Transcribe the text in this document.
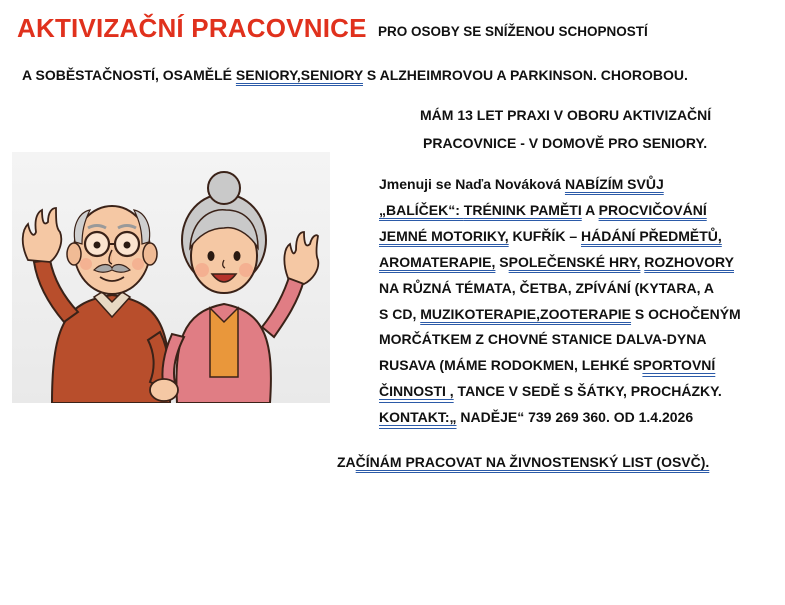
AKTIVIZAČNÍ PRACOVNICE PRO OSOBY SE SNÍŽENOU SCHOPNOSTÍ
A SOBĚSTAČNOSTÍ, OSAMĚLÉ SENIORY,SENIORY S ALZHEIMROVOU A PARKINSON. CHOROBOU.
MÁM 13 LET PRAXI V OBORU AKTIVIZAČNÍ
PRACOVNICE - V DOMOVĚ PRO SENIORY.
Jmenuji se Naďa Nováková NABÍZÍM SVŮJ
„BALÍČEK“: TRÉNINK PAMĚTI A PROCVIČOVÁNÍ
JEMNÉ MOTORIKY, KUFŘÍK – HÁDÁNÍ PŘEDMĚTŮ,
AROMATERAPIE, SPOLEČENSKÉ HRY, ROZHOVORY
NA RŮZNÁ TÉMATA, ČETBA, ZPÍVÁNÍ (KYTARA, A
S CD, MUZIKOTERAPIE,ZOOTERAPIE S OCHOČENÝM
MORČÁTKEM Z CHOVNÉ STANICE DALVA-DYNA
RUSAVA (MÁME RODOKMEN, LEHKÉ SPORTOVNÍ
ČINNOSTI , TANCE V SEDĚ S ŠÁTKY, PROCHÁZKY.
KONTAKT:„ NADĚJE“ 739 269 360. OD 1.4.2026
ZAČÍNÁM PRACOVAT NA ŽIVNOSTENSKÝ LIST (OSVČ).
